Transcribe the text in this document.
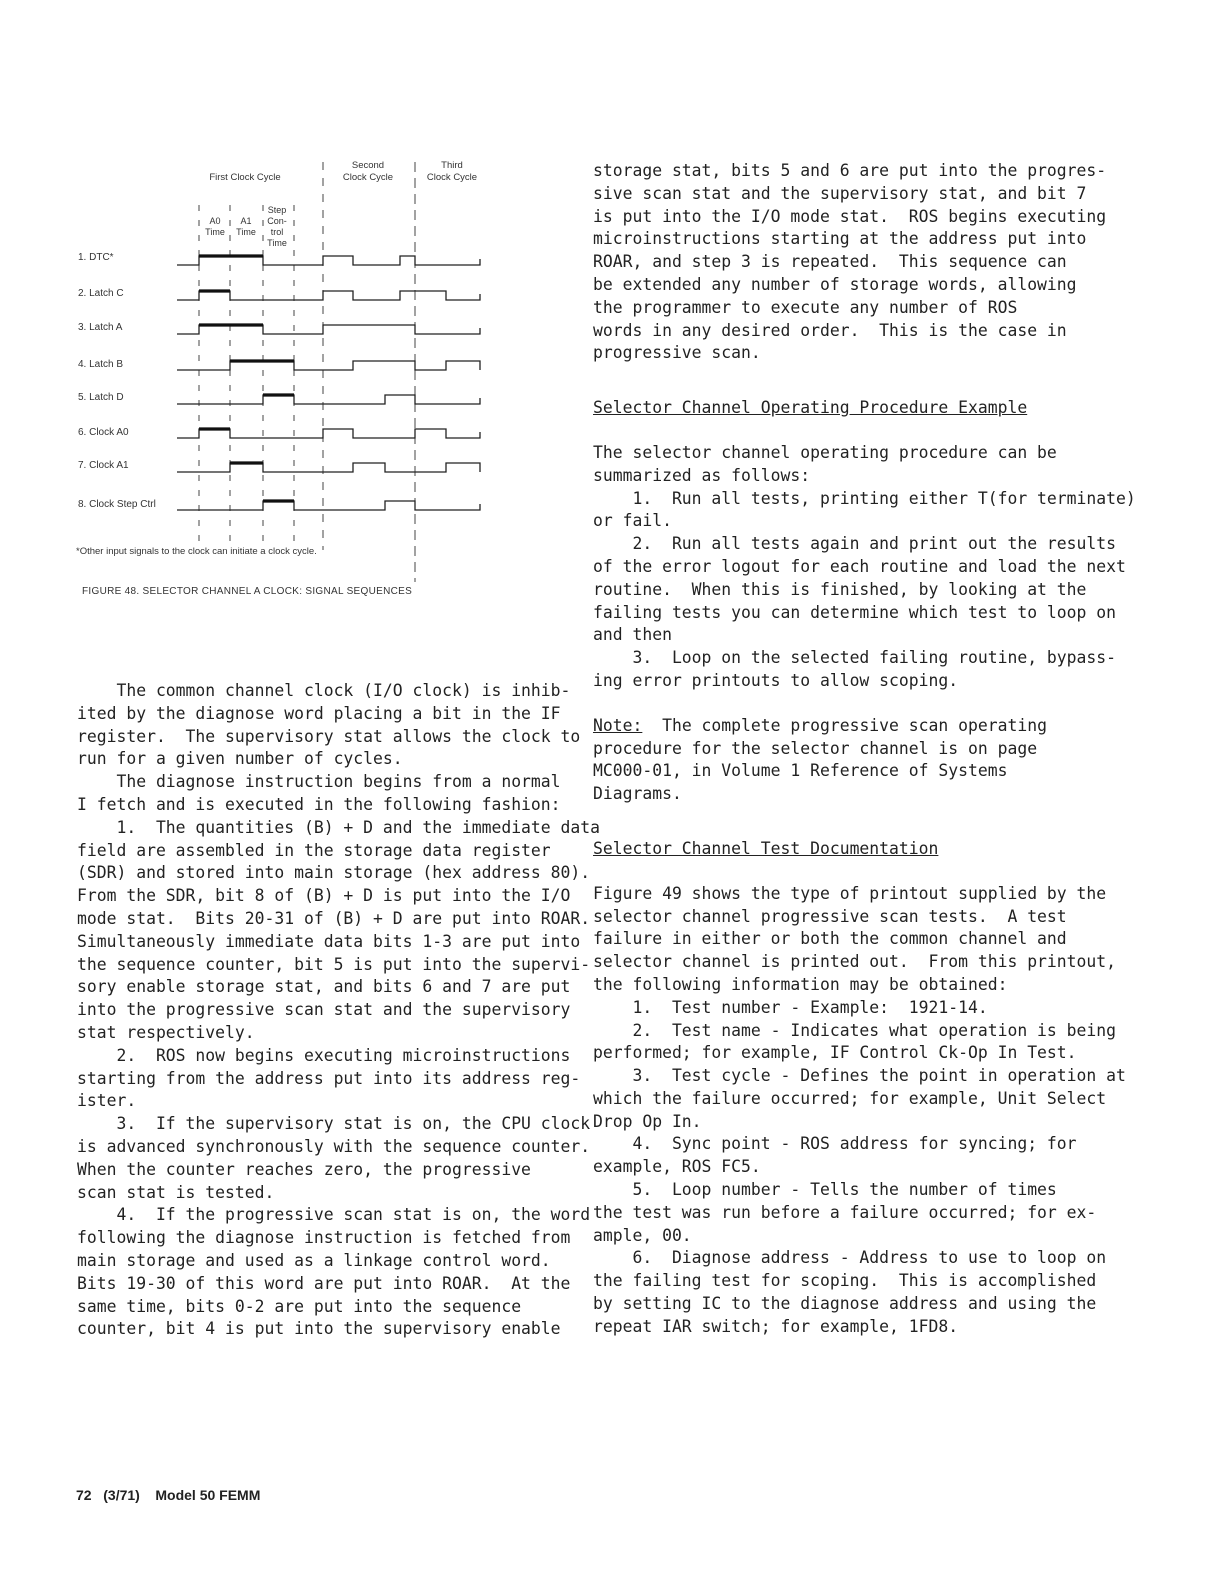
First Clock Cycle
Second
Clock Cycle
Third
Clock Cycle
A0
Time
A1
Time
Step
Con-
trol
Time
1. DTC*
2. Latch C
3. Latch A
4. Latch B
5. Latch D
6. Clock A0
7. Clock A1
8. Clock Step Ctrl
*Other input signals to the clock can initiate a clock cycle.
FIGURE 48. SELECTOR CHANNEL A CLOCK: SIGNAL SEQUENCES

The common channel clock (I/O clock) is inhib-

ited by the diagnose word placing a bit in the IF

register.  The supervisory stat allows the clock to

run for a given number of cycles.

The diagnose instruction begins from a normal

I fetch and is executed in the following fashion:

1.  The quantities (B) + D and the immediate data

field are assembled in the storage data register

(SDR) and stored into main storage (hex address 80).

From the SDR, bit 8 of (B) + D is put into the I/O

mode stat.  Bits 20-31 of (B) + D are put into ROAR.

Simultaneously immediate data bits 1-3 are put into

the sequence counter, bit 5 is put into the supervi-

sory enable storage stat, and bits 6 and 7 are put

into the progressive scan stat and the supervisory

stat respectively.

2.  ROS now begins executing microinstructions

starting from the address put into its address reg-

ister.

3.  If the supervisory stat is on, the CPU clock

is advanced synchronously with the sequence counter.

When the counter reaches zero, the progressive

scan stat is tested.

4.  If the progressive scan stat is on, the word

following the diagnose instruction is fetched from

main storage and used as a linkage control word.

Bits 19-30 of this word are put into ROAR.  At the

same time, bits 0-2 are put into the sequence

counter, bit 4 is put into the supervisory enable

storage stat, bits 5 and 6 are put into the progres-

sive scan stat and the supervisory stat, and bit 7

is put into the I/O mode stat.  ROS begins executing

microinstructions starting at the address put into

ROAR, and step 3 is repeated.  This sequence can

be extended any number of storage words, allowing

the programmer to execute any number of ROS

words in any desired order.  This is the case in

progressive scan.

Selector Channel Operating Procedure Example

The selector channel operating procedure can be

summarized as follows:

1.  Run all tests, printing either T(for terminate)

or fail.

2.  Run all tests again and print out the results

of the error logout for each routine and load the next

routine.  When this is finished, by looking at the

failing tests you can determine which test to loop on

and then

3.  Loop on the selected failing routine, bypass-

ing error printouts to allow scoping.

Note:  The complete progressive scan operating

procedure for the selector channel is on page

MC000-01, in Volume 1 Reference of Systems

Diagrams.

Selector Channel Test Documentation

Figure 49 shows the type of printout supplied by the

selector channel progressive scan tests.  A test

failure in either or both the common channel and

selector channel is printed out.  From this printout,

the following information may be obtained:

1.  Test number - Example:  1921-14.

2.  Test name - Indicates what operation is being

performed; for example, IF Control Ck-Op In Test.

3.  Test cycle - Defines the point in operation at

which the failure occurred; for example, Unit Select

Drop Op In.

4.  Sync point - ROS address for syncing; for

example, ROS FC5.

5.  Loop number - Tells the number of times

the test was run before a failure occurred; for ex-

ample, 00.

6.  Diagnose address - Address to use to loop on

the failing test for scoping.  This is accomplished

by setting IC to the diagnose address and using the

repeat IAR switch; for example, 1FD8.

72   (3/71)    Model 50 FEMM
